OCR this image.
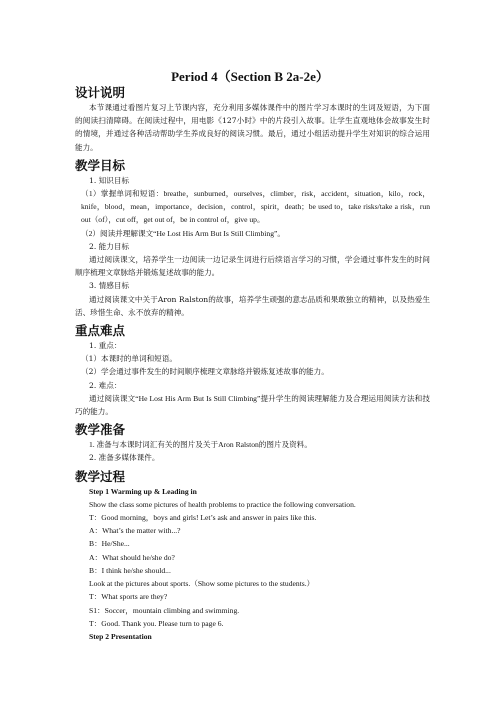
Period 4（Section B 2a-2e）
设计说明

本节课通过看图片复习上节课内容，充分利用多媒体课件中的图片学习本课时的生词及短语，为下面的阅读扫清障碍。在阅读过程中，用电影《127小时》中的片段引入故事。让学生直观地体会故事发生时的情境，并通过各种活动帮助学生养成良好的阅读习惯。最后，通过小组活动提升学生对知识的综合运用能力。

教学目标

1. 知识目标

（1）掌握单词和短语：breathe，sunburned，ourselves，climber，risk，accident，situation，kilo，rock，knife，blood，mean，importance，decision，control，spirit，death；be used to，take risks/take a risk，run out（of），cut off，get out of，be in control of，give up。

（2）阅读并理解课文“He Lost His Arm But Is Still Climbing”。

2. 能力目标

通过阅读课文，培养学生一边阅读一边记录生词进行后续语言学习的习惯，学会通过事件发生的时间顺序梳理文章脉络并锻炼复述故事的能力。

3. 情感目标

通过阅读课文中关于Aron Ralston的故事，培养学生顽强的意志品质和果敢独立的精神，以及热爱生活、珍惜生命、永不放弃的精神。

重点难点

1. 重点：

（1）本课时的单词和短语。

（2）学会通过事件发生的时间顺序梳理文章脉络并锻炼复述故事的能力。

2. 难点：

通过阅读课文“He Lost His Arm But Is Still Climbing”提升学生的阅读理解能力及合理运用阅读方法和技巧的能力。

教学准备

1. 准备与本课时词汇有关的图片及关于Aron Ralston的图片及资料。

2. 准备多媒体课件。

教学过程

Step 1 Warming up & Leading in

Show the class some pictures of health problems to practice the following conversation.

T：Good morning，boys and girls! Let’s ask and answer in pairs like this.

A：What’s the matter with...?

B：He/She...

A：What should he/she do?

B：I think he/she should...

Look at the pictures about sports.（Show some pictures to the students.）

T：What sports are they?

S1：Soccer，mountain climbing and swimming.

T：Good. Thank you. Please turn to page 6.

Step 2 Presentation
